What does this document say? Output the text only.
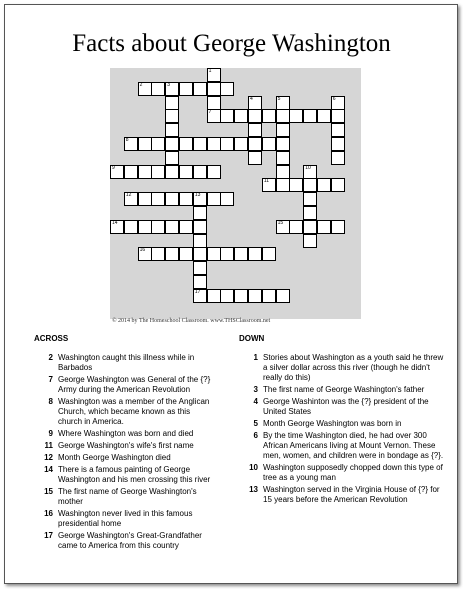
Facts about George Washington
1
7
2	3
4	5	6
8
9	10
11
12	13
17
14	15
16
© 2014 by The Homeschool Classroom. www.THSClassroom.net
ACROSS
2 Washington caught this illness while in Barbados
7 George Washington was General of the {?} Army during the American Revolution
8 Washington was a member of the Anglican Church, which became known as this church in America.
9 Where Washington was born and died
11 George Washington's wife's first name
12 Month George Washington died
14 There is a famous painting of George Washington and his men crossing this river
15 The first name of George Washington's mother
16 Washington never lived in this famous presidential home
17 George Washington's Great-Grandfather came to America from this country
DOWN
1 Stories about Washington as a youth said he threw a silver dollar across this river (though he didn't really do this)
3 The first name of George Washington's father
4 George Washinton was the {?} president of the United States
5 Month George Washington was born in
6 By the time Washington died, he had over 300 African Americans living at Mount Vernon. These men, women, and children were in bondage as {?}.
10 Washington supposedly chopped down this type of tree as a young man
13 Washington served in the Virginia House of {?} for 15 years before the American Revolution
